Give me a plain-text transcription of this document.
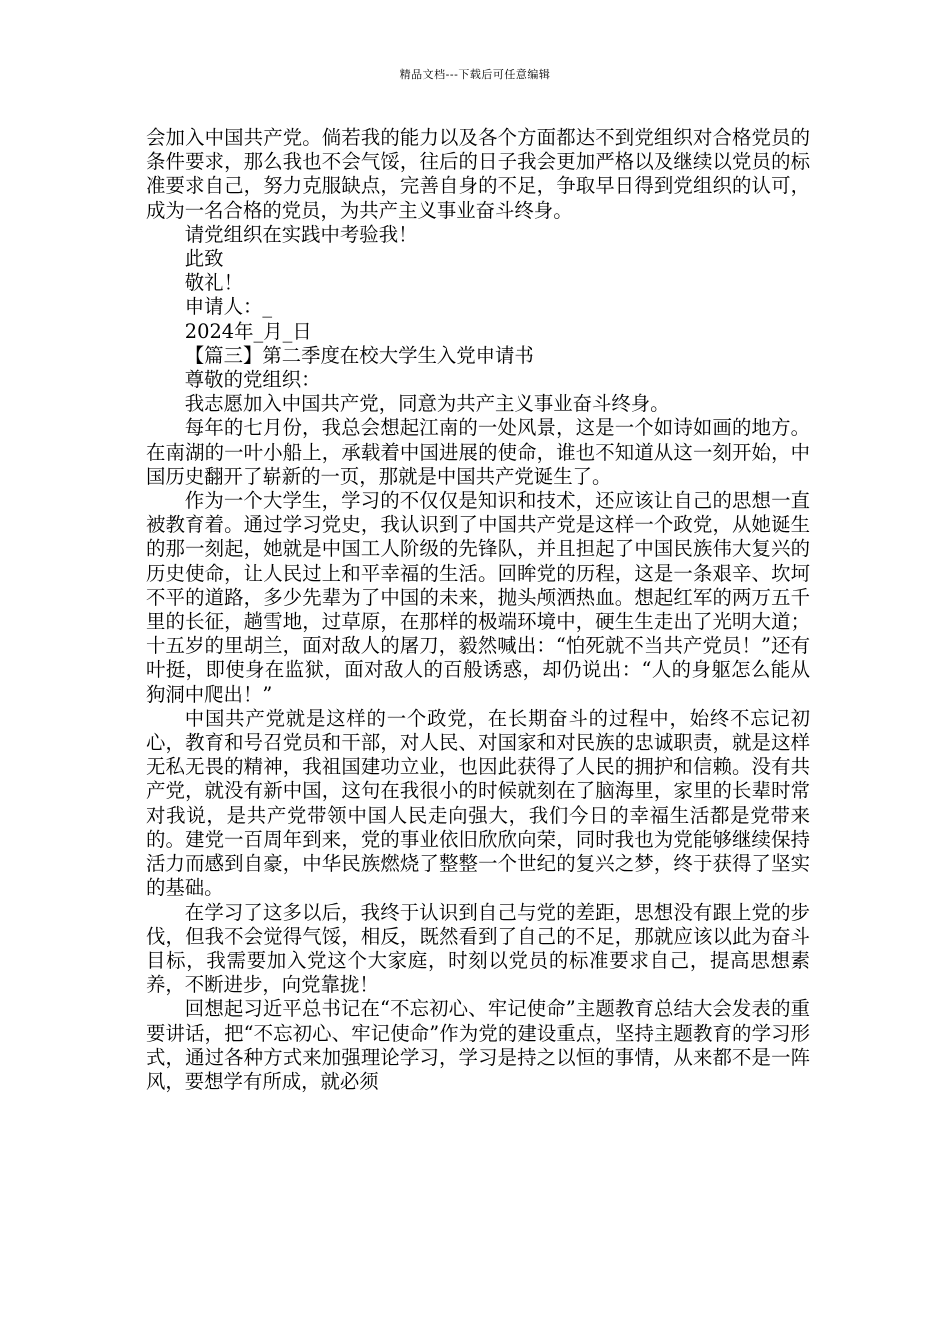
精品文档---下载后可任意编辑

会加入中国共产党。倘若我的能力以及各个方面都达不到党组织对合格党员的条件要求，那么我也不会气馁，往后的日子我会更加严格以及继续以党员的标准要求自己，努力克服缺点，完善自身的不足，争取早日得到党组织的认可，成为一名合格的党员，为共产主义事业奋斗终身。

请党组织在实践中考验我！

此致

敬礼！

申请人：_

2024年_月_日

【篇三】第二季度在校大学生入党申请书

尊敬的党组织：

我志愿加入中国共产党，同意为共产主义事业奋斗终身。

每年的七月份，我总会想起江南的一处风景，这是一个如诗如画的地方。在南湖的一叶小船上，承载着中国进展的使命，谁也不知道从这一刻开始，中国历史翻开了崭新的一页，那就是中国共产党诞生了。

作为一个大学生，学习的不仅仅是知识和技术，还应该让自己的思想一直被教育着。通过学习党史，我认识到了中国共产党是这样一个政党，从她诞生的那一刻起，她就是中国工人阶级的先锋队，并且担起了中国民族伟大复兴的历史使命，让人民过上和平幸福的生活。回眸党的历程，这是一条艰辛、坎坷不平的道路，多少先辈为了中国的未来，抛头颅洒热血。想起红军的两万五千里的长征，趟雪地，过草原，在那样的极端环境中，硬生生走出了光明大道；十五岁的里胡兰，面对敌人的屠刀，毅然喊出：“怕死就不当共产党员！”还有叶挺，即使身在监狱，面对敌人的百般诱惑，却仍说出：“人的身躯怎么能从狗洞中爬出！”

中国共产党就是这样的一个政党，在长期奋斗的过程中，始终不忘记初心，教育和号召党员和干部，对人民、对国家和对民族的忠诚职责，就是这样无私无畏的精神，我祖国建功立业，也因此获得了人民的拥护和信赖。没有共产党，就没有新中国，这句在我很小的时候就刻在了脑海里，家里的长辈时常对我说，是共产党带领中国人民走向强大，我们今日的幸福生活都是党带来的。建党一百周年到来，党的事业依旧欣欣向荣，同时我也为党能够继续保持活力而感到自豪，中华民族燃烧了整整一个世纪的复兴之梦，终于获得了坚实的基础。

在学习了这多以后，我终于认识到自己与党的差距，思想没有跟上党的步伐，但我不会觉得气馁，相反，既然看到了自己的不足，那就应该以此为奋斗目标，我需要加入党这个大家庭，时刻以党员的标准要求自己，提高思想素养，不断进步，向党靠拢！

回想起习近平总书记在“不忘初心、牢记使命”主题教育总结大会发表的重要讲话，把“不忘初心、牢记使命”作为党的建设重点，坚持主题教育的学习形式，通过各种方式来加强理论学习，学习是持之以恒的事情，从来都不是一阵风，要想学有所成，就必须
